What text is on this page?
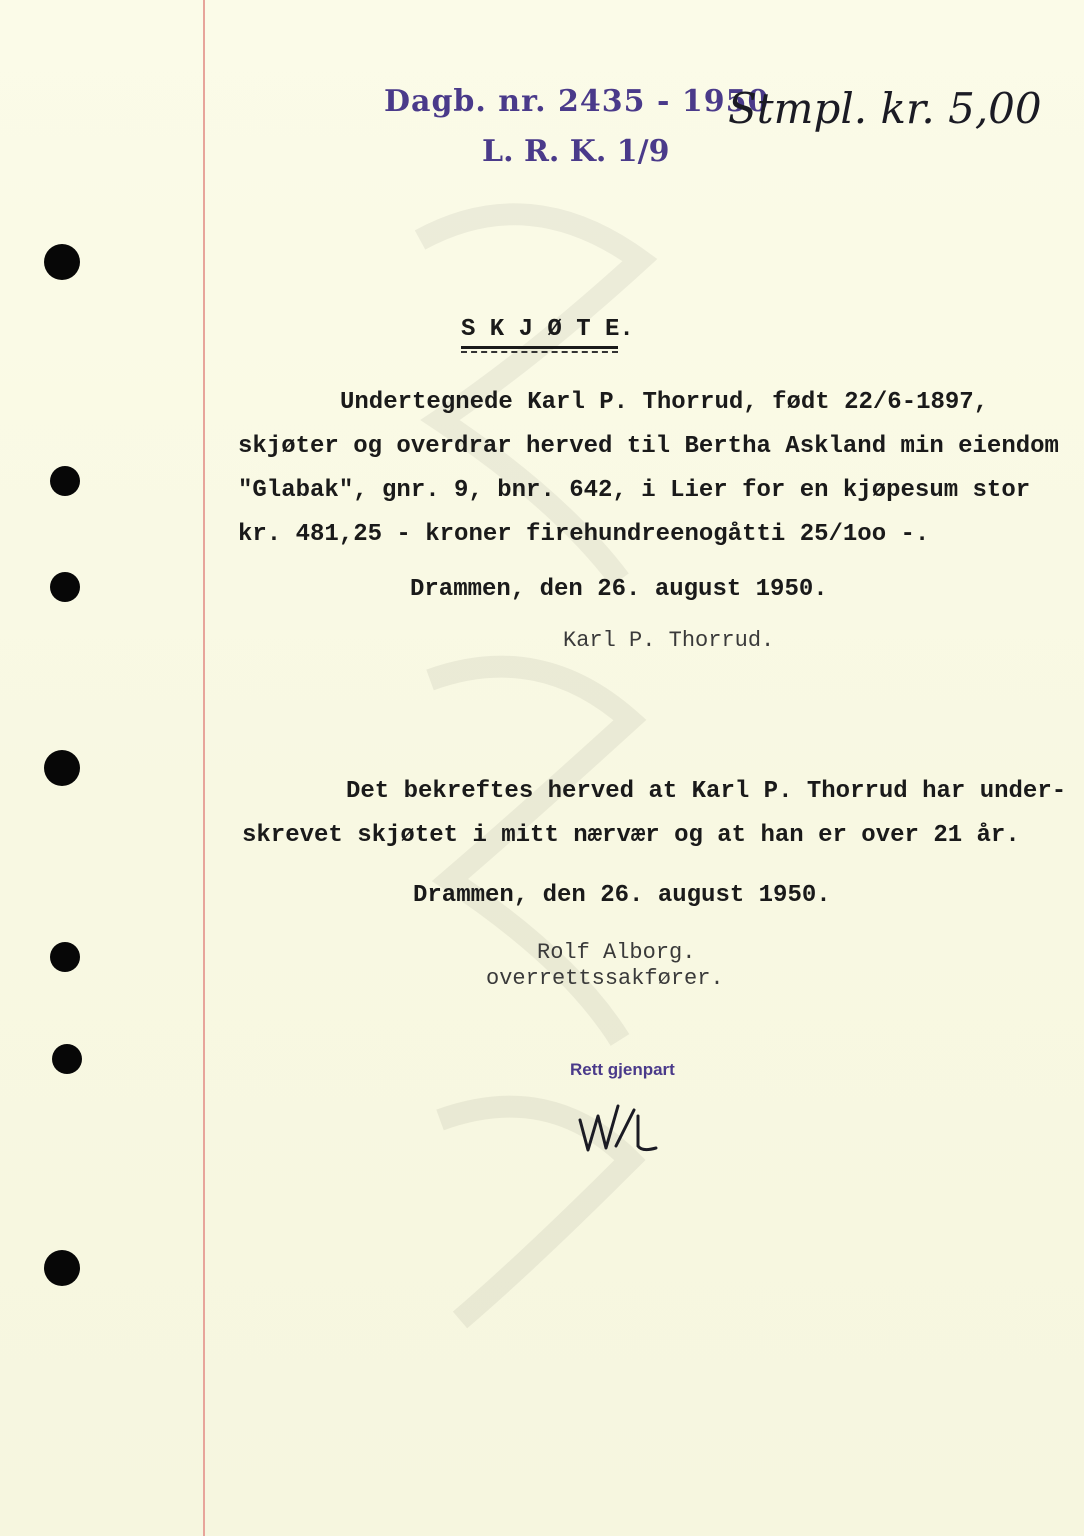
Dagb. nr. 2435 - 1950
L. R. K. 1/9
Stmpl. kr. 5,00
S K J Ø T E.
Undertegnede Karl P. Thorrud, født 22/6-1897,
skjøter og overdrar herved til Bertha Askland min eiendom
"Glabak", gnr. 9, bnr. 642, i Lier for en kjøpesum stor
kr. 481,25 - kroner firehundreenogåtti 25/1oo -.
Drammen, den 26. august 1950.
Karl P. Thorrud.
Det bekreftes herved at Karl P. Thorrud har under-
skrevet skjøtet i mitt nærvær og at han er over 21 år.
Drammen, den 26. august 1950.
Rolf Alborg.
overrettssakfører.
Rett gjenpart
